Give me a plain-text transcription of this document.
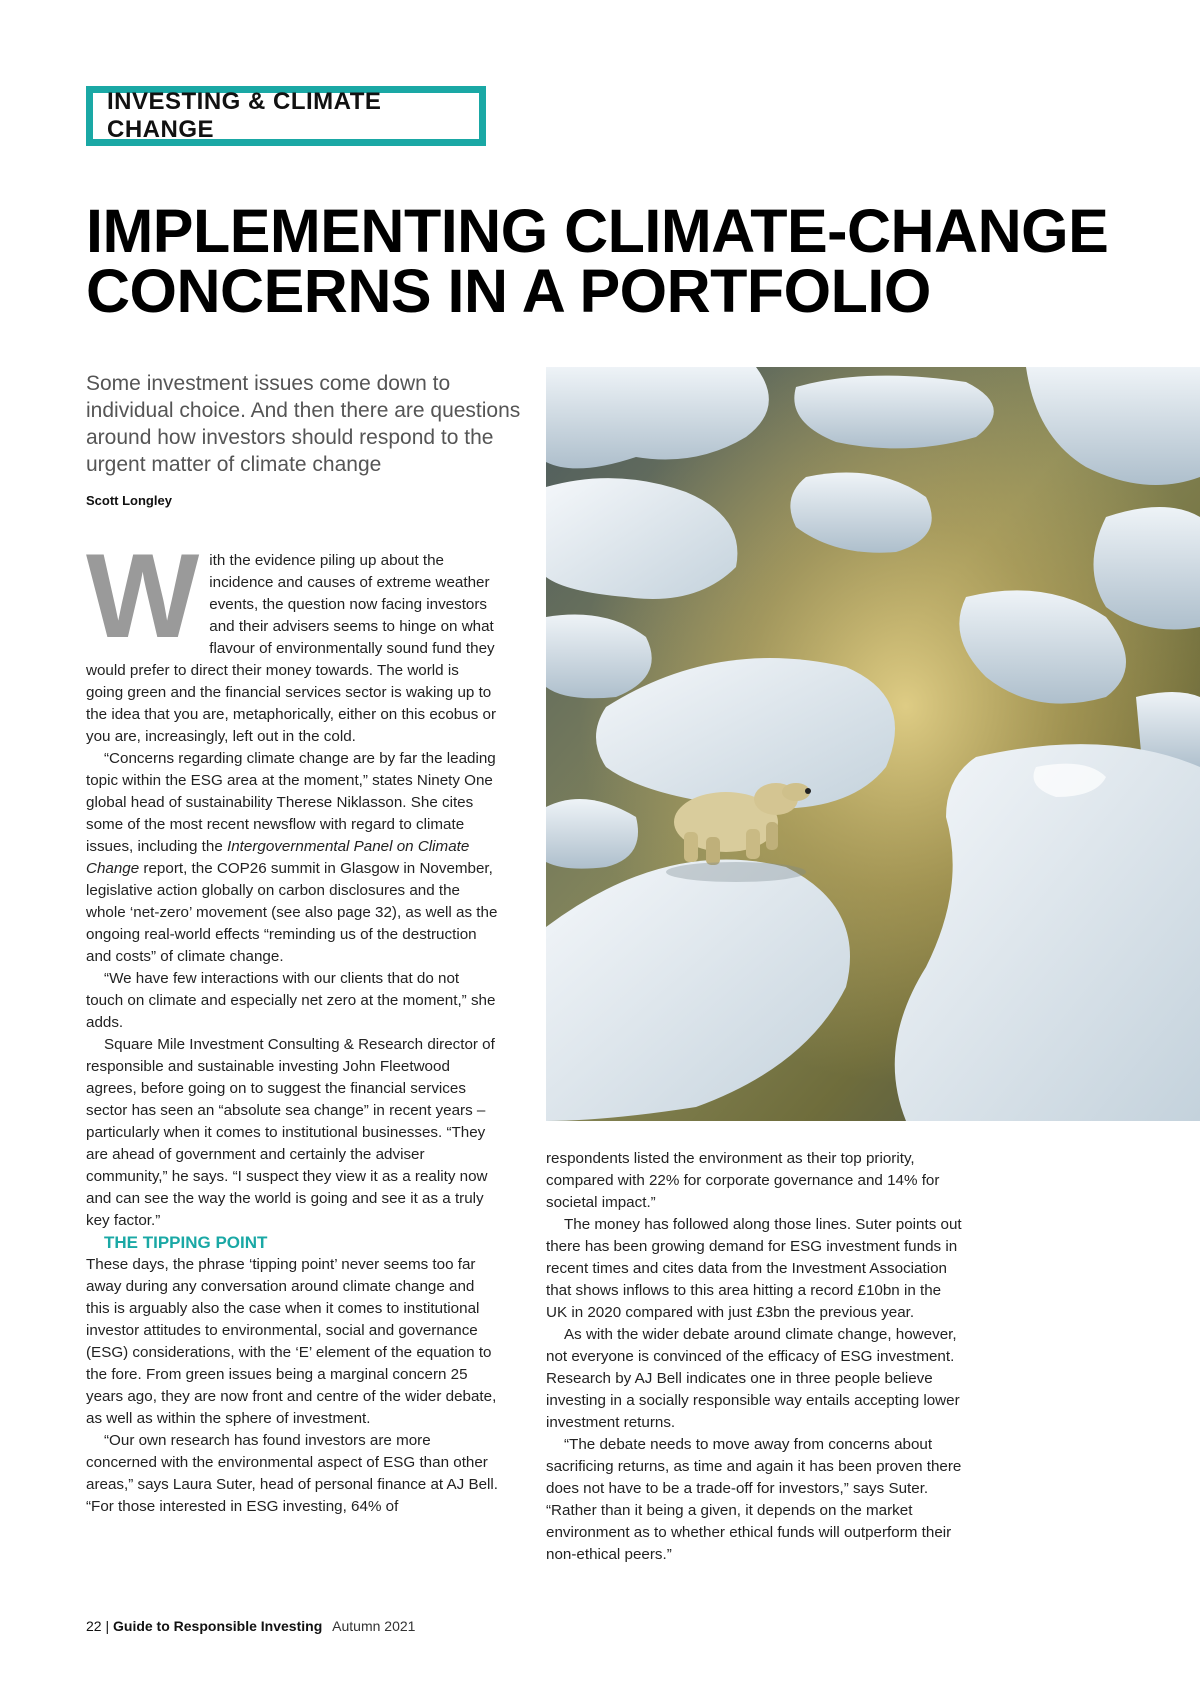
INVESTING & CLIMATE CHANGE
IMPLEMENTING CLIMATE-CHANGE
CONCERNS IN A PORTFOLIO
Some investment issues come down to individual choice. And then there are questions around how investors should respond to the urgent matter of climate change
Scott Longley

With the evidence piling up about the incidence and causes of extreme weather events, the question now facing investors and their advisers seems to hinge on what flavour of environmentally sound fund they would prefer to direct their money towards. The world is going green and the financial services sector is waking up to the idea that you are, metaphorically, either on this ecobus or you are, increasingly, left out in the cold.

“Concerns regarding climate change are by far the leading topic within the ESG area at the moment,” states Ninety One global head of sustainability Therese Niklasson. She cites some of the most recent newsflow with regard to climate issues, including the Intergovernmental Panel on Climate Change report, the COP26 summit in Glasgow in November, legislative action globally on carbon disclosures and the whole ‘net-zero’ movement (see also page 32), as well as the ongoing real-world effects “reminding us of the destruction and costs” of climate change.

“We have few interactions with our clients that do not touch on climate and especially net zero at the moment,” she adds.

Square Mile Investment Consulting & Research director of responsible and sustainable investing John Fleetwood agrees, before going on to suggest the financial services sector has seen an “absolute sea change” in recent years – particularly when it comes to institutional businesses. “They are ahead of government and certainly the adviser community,” he says. “I suspect they view it as a reality now and can see the way the world is going and see it as a truly key factor.”

THE TIPPING POINT

These days, the phrase ‘tipping point’ never seems too far away during any conversation around climate change and this is arguably also the case when it comes to institutional investor attitudes to environmental, social and governance (ESG) considerations, with the ‘E’ element of the equation to the fore. From green issues being a marginal concern 25 years ago, they are now front and centre of the wider debate, as well as within the sphere of investment.

“Our own research has found investors are more concerned with the environmental aspect of ESG than other areas,” says Laura Suter, head of personal finance at AJ Bell. “For those interested in ESG investing, 64% of

respondents listed the environment as their top priority, compared with 22% for corporate governance and 14% for societal impact.”

The money has followed along those lines. Suter points out there has been growing demand for ESG investment funds in recent times and cites data from the Investment Association that shows inflows to this area hitting a record £10bn in the UK in 2020 compared with just £3bn the previous year.

As with the wider debate around climate change, however, not everyone is convinced of the efficacy of ESG investment. Research by AJ Bell indicates one in three people believe investing in a socially responsible way entails accepting lower investment returns.

“The debate needs to move away from concerns about sacrificing returns, as time and again it has been proven there does not have to be a trade-off for investors,” says Suter. “Rather than it being a given, it depends on the market environment as to whether ethical funds will outperform their non-ethical peers.”

22 | Guide to Responsible Investing Autumn 2021
